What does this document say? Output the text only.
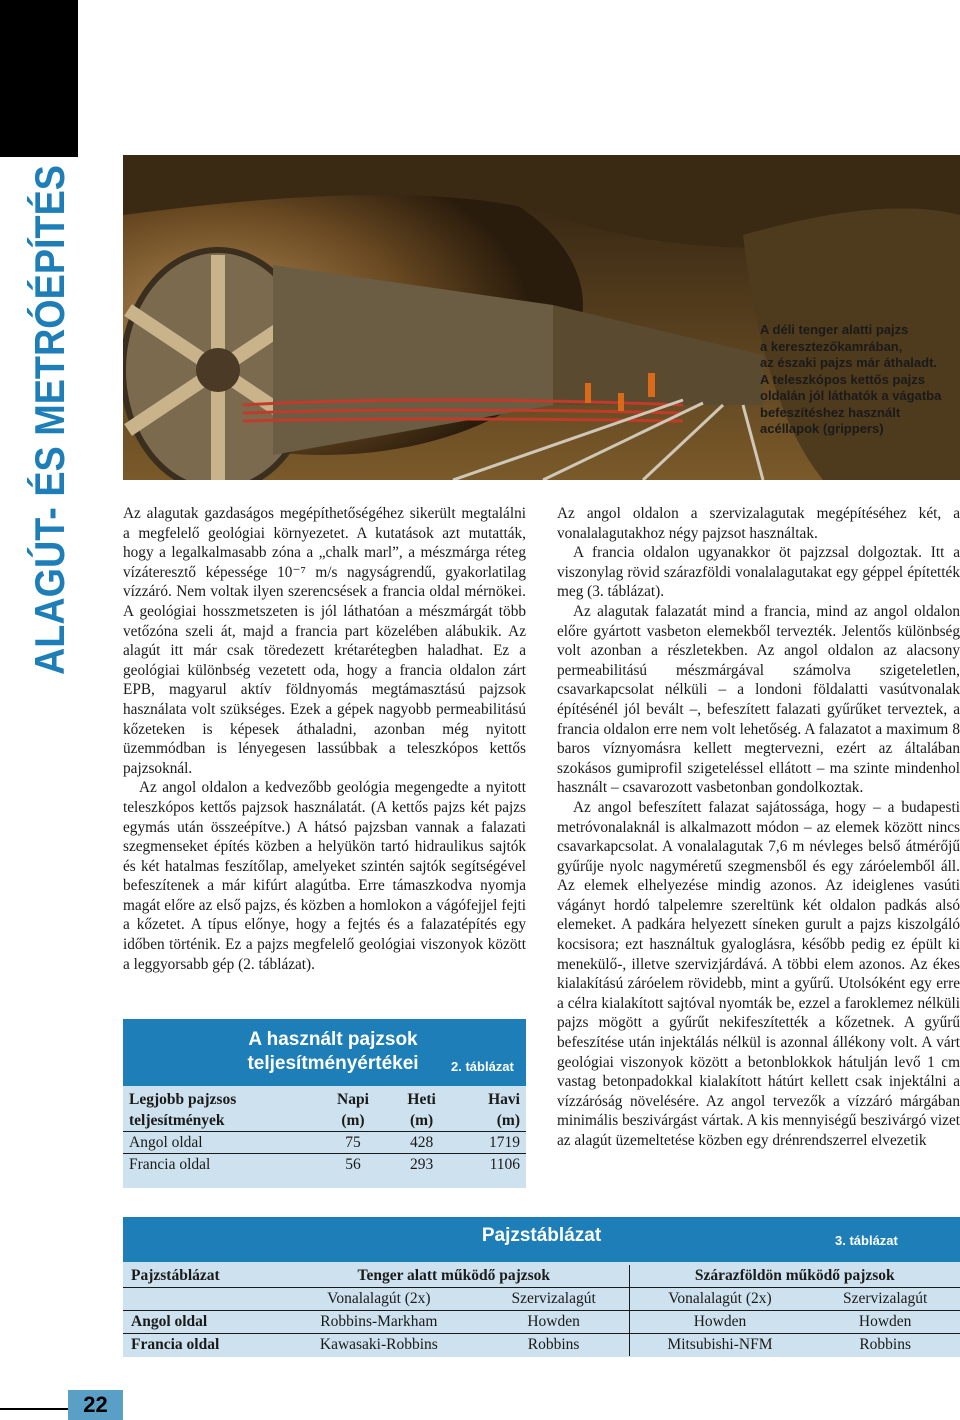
ALAGÚT- ÉS METRÓÉPÍTÉS
22
A déli tenger alatti pajzs
a keresztezőkamrában,
az északi pajzs már áthaladt.
A teleszkópos kettős pajzs
oldalán jól láthatók a vágatba
befeszítéshez használt
acéllapok (grippers)

Az alagutak gazdaságos megépíthetőségéhez sikerült megtalálni a megfelelő geológiai környezetet. A kutatások azt mutatták, hogy a legalkalmasabb zóna a „chalk marl”, a mészmárga réteg vízáteresztő képessége 10⁻⁷ m/s nagyságrendű, gyakorlatilag vízzáró. Nem voltak ilyen szerencsések a francia oldal mérnökei. A geológiai hosszmetszeten is jól láthatóan a mészmárgát több vetőzóna szeli át, majd a francia part közelében alábukik. Az alagút itt már csak töredezett krétarétegben haladhat. Ez a geológiai különbség vezetett oda, hogy a francia oldalon zárt EPB, magyarul aktív földnyomás megtámasztású pajzsok használata volt szükséges. Ezek a gépek nagyobb permeabilitású kőzeteken is képesek áthaladni, azonban még nyitott üzemmódban is lényegesen lassúbbak a teleszkópos kettős pajzsoknál.

Az angol oldalon a kedvezőbb geológia megengedte a nyitott teleszkópos kettős pajzsok használatát. (A kettős pajzs két pajzs egymás után összeépítve.) A hátsó pajzsban vannak a falazati szegmenseket építés közben a helyükön tartó hidraulikus sajtók és két hatalmas feszítőlap, amelyeket szintén sajtók segítségével befeszítenek a már kifúrt alagútba. Erre támaszkodva nyomja magát előre az első pajzs, és közben a homlokon a vágófejjel fejti a kőzetet. A típus előnye, hogy a fejtés és a falazatépítés egy időben történik. Ez a pajzs megfelelő geológiai viszonyok között a leggyorsabb gép (2. táblázat).

Az angol oldalon a szervizalagutak megépítéséhez két, a vonalalagutakhoz négy pajzsot használtak.

A francia oldalon ugyanakkor öt pajzzsal dolgoztak. Itt a viszonylag rövid szárazföldi vonalalagutakat egy géppel építették meg (3. táblázat).

Az alagutak falazatát mind a francia, mind az angol oldalon előre gyártott vasbeton elemekből tervezték. Jelentős különbség volt azonban a részletekben. Az angol oldalon az alacsony permeabilitású mészmárgával számolva szigeteletlen, csavarkapcsolat nélküli – a londoni földalatti vasútvonalak építésénél jól bevált –, befeszített falazati gyűrűket terveztek, a francia oldalon erre nem volt lehetőség. A falazatot a maximum 8 baros víznyomásra kellett megtervezni, ezért az általában szokásos gumiprofil szigeteléssel ellátott – ma szinte mindenhol használt – csavarozott vasbetonban gondolkoztak.

Az angol befeszített falazat sajátossága, hogy – a budapesti metróvonalaknál is alkalmazott módon – az elemek között nincs csavarkapcsolat. A vonalalagutak 7,6 m névleges belső átmérőjű gyűrűje nyolc nagyméretű szegmensből és egy záróelemből áll. Az elemek elhelyezése mindig azonos. Az ideiglenes vasúti vágányt hordó talpelemre szereltünk két oldalon padkás alsó elemeket. A padkára helyezett síneken gurult a pajzs kiszolgáló kocsisora; ezt használtuk gyaloglásra, később pedig ez épült ki menekülő-, illetve szervizjárdává. A többi elem azonos. Az ékes kialakítású záróelem rövidebb, mint a gyűrű. Utolsóként egy erre a célra kialakított sajtóval nyomták be, ezzel a faroklemez nélküli pajzs mögött a gyűrűt nekifeszítették a kőzetnek. A gyűrű befeszítése után injektálás nélkül is azonnal állékony volt. A várt geológiai viszonyok között a betonblokkok hátulján levő 1 cm vastag betonpadokkal kialakított hátúrt kellett csak injektálni a vízzáróság növelésére. Az angol tervezők a vízzáró márgában minimális beszivárgást vártak. A kis mennyiségű beszivárgó vizet az alagút üzemeltetése közben egy drénrendszerrel elvezetik

A használt pajzsok
teljesítményértékei	2. táblázat
Legjobb pajzsos	Napi	Heti	Havi
teljesítmények	(m)	(m)	(m)
Angol oldal	75	428	1719
Francia oldal	56	293	1106
Pajzstáblázat	3. táblázat
Pajzstáblázat	Tenger alatt működő pajzsok		Szárazföldön működő pajzsok	
	Vonalalagút (2x)	Szervizalagút	Vonalalagút (2x)	Szervizalagút
Angol oldal	Robbins-Markham	Howden	Howden	Howden
Francia oldal	Kawasaki-Robbins	Robbins	Mitsubishi-NFM	Robbins
